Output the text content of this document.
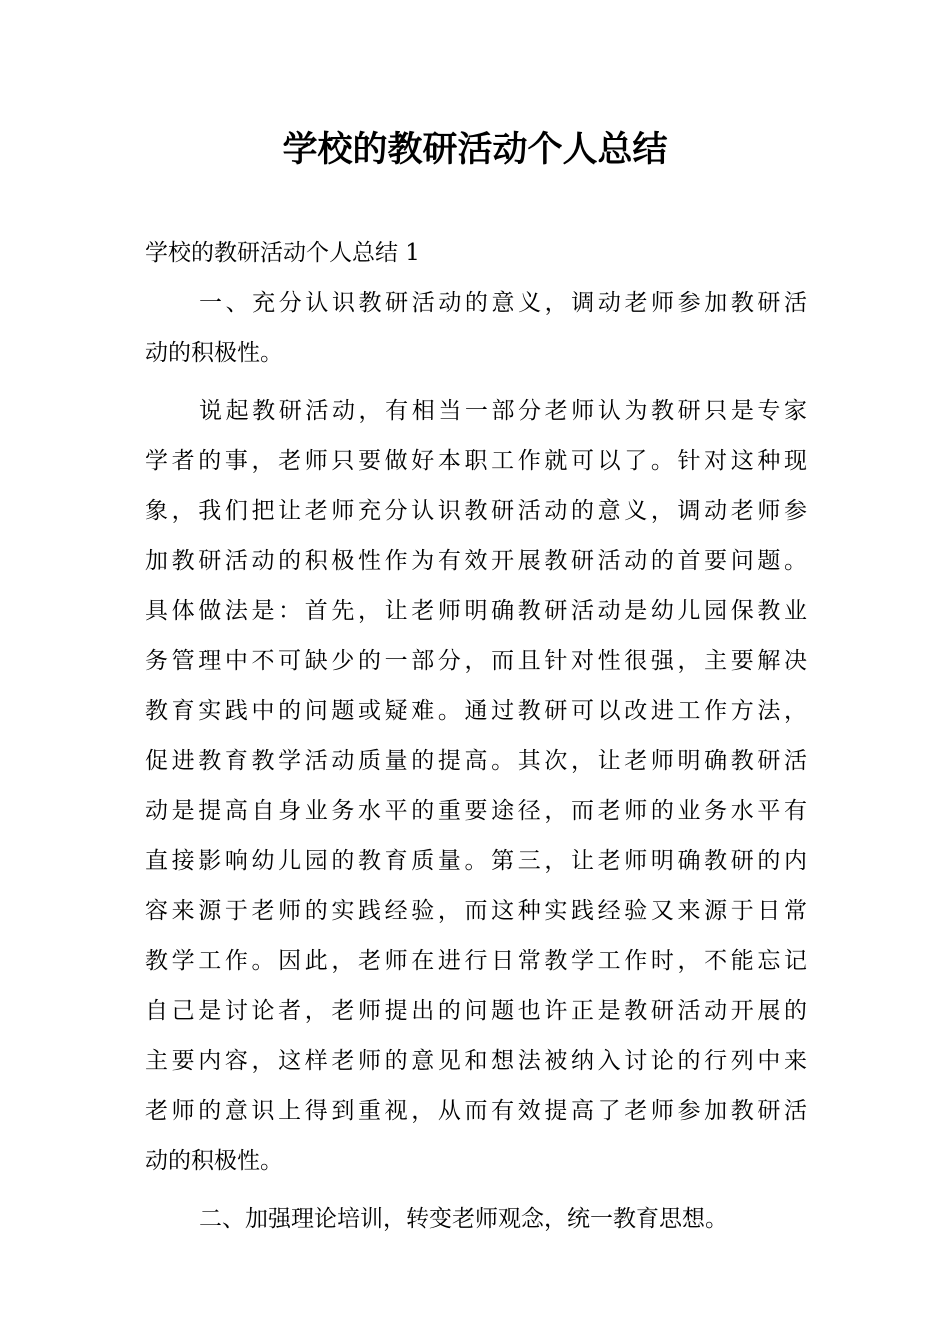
学校的教研活动个人总结

学校的教研活动个人总结 1

一、充分认识教研活动的意义，调动老师参加教研活
动的积极性。

说起教研活动，有相当一部分老师认为教研只是专家
学者的事，老师只要做好本职工作就可以了。针对这种现
象，我们把让老师充分认识教研活动的意义，调动老师参
加教研活动的积极性作为有效开展教研活动的首要问题。
具体做法是：首先，让老师明确教研活动是幼儿园保教业
务管理中不可缺少的一部分，而且针对性很强，主要解决
教育实践中的问题或疑难。通过教研可以改进工作方法，
促进教育教学活动质量的提高。其次，让老师明确教研活
动是提高自身业务水平的重要途径，而老师的业务水平有
直接影响幼儿园的教育质量。第三，让老师明确教研的内
容来源于老师的实践经验，而这种实践经验又来源于日常
教学工作。因此，老师在进行日常教学工作时，不能忘记
自己是讨论者，老师提出的问题也许正是教研活动开展的
主要内容，这样老师的意见和想法被纳入讨论的行列中来
老师的意识上得到重视，从而有效提高了老师参加教研活
动的积极性。

二、加强理论培训，转变老师观念，统一教育思想。
